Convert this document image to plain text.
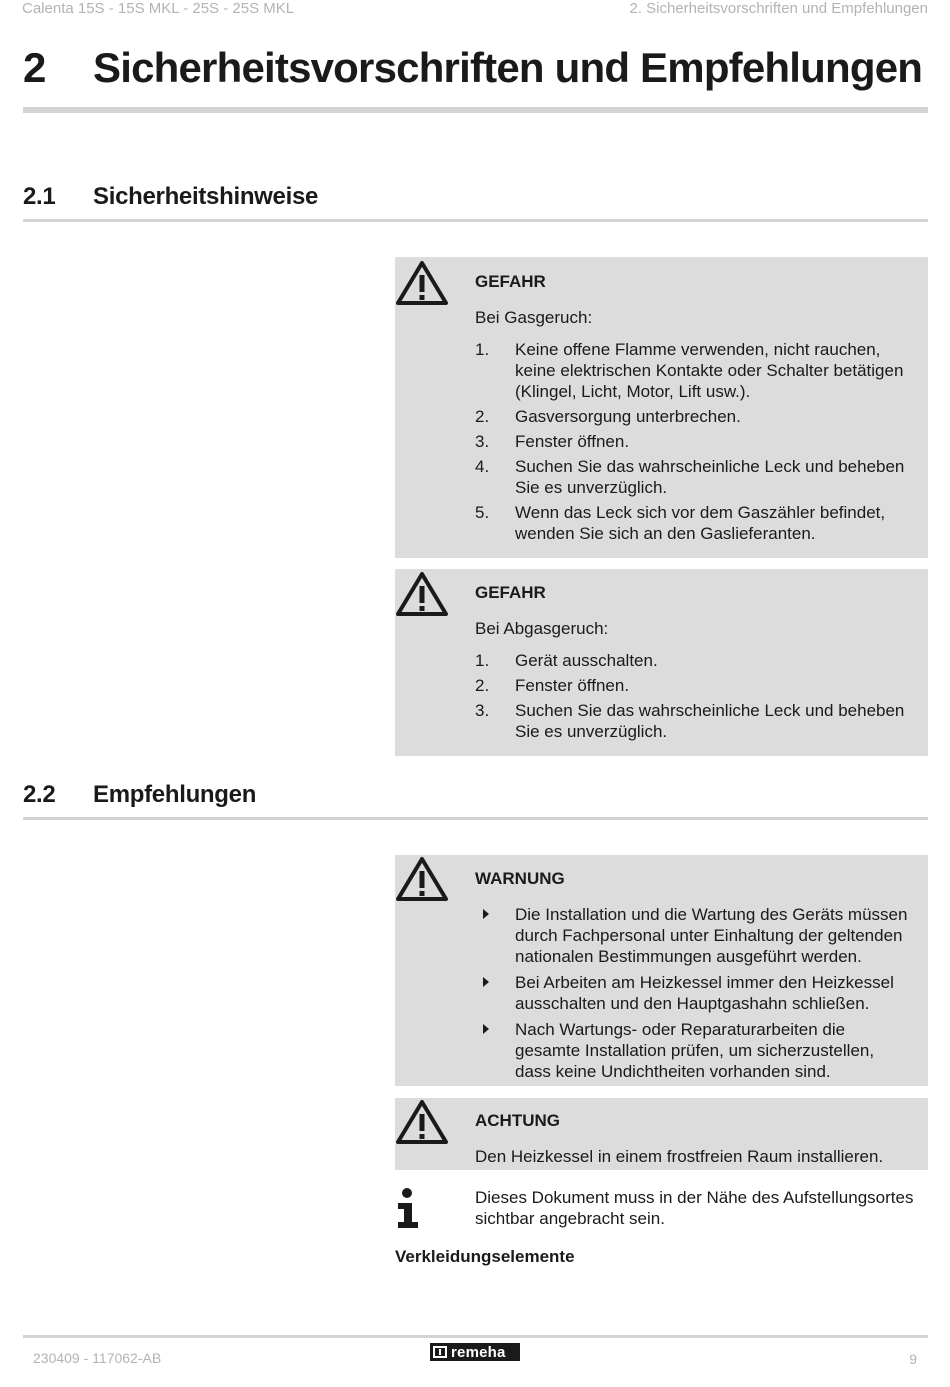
Calenta 15S - 15S MKL - 25S - 25S MKL	2. Sicherheitsvorschriften und Empfehlungen
2 Sicherheitsvorschriften und Empfehlungen
2.1 Sicherheitshinweise
GEFAHR
Bei Gasgeruch:
1. Keine offene Flamme verwenden, nicht rauchen,
keine elektrischen Kontakte oder Schalter betätigen
(Klingel, Licht, Motor, Lift usw.).
2. Gasversorgung unterbrechen.
3. Fenster öffnen.
4. Suchen Sie das wahrscheinliche Leck und beheben
Sie es unverzüglich.
5. Wenn das Leck sich vor dem Gaszähler befindet,
wenden Sie sich an den Gaslieferanten.
GEFAHR
Bei Abgasgeruch:
1. Gerät ausschalten.
2. Fenster öffnen.
3. Suchen Sie das wahrscheinliche Leck und beheben
Sie es unverzüglich.
2.2 Empfehlungen
WARNUNG
Die Installation und die Wartung des Geräts müssen
durch Fachpersonal unter Einhaltung der geltenden
nationalen Bestimmungen ausgeführt werden.
Bei Arbeiten am Heizkessel immer den Heizkessel
ausschalten und den Hauptgashahn schließen.
Nach Wartungs- oder Reparaturarbeiten die
gesamte Installation prüfen, um sicherzustellen,
dass keine Undichtheiten vorhanden sind.
ACHTUNG
Den Heizkessel in einem frostfreien Raum installieren.
Dieses Dokument muss in der Nähe des Aufstellungsortes
sichtbar angebracht sein.
Verkleidungselemente
230409 - 117062-AB	remeha	9
